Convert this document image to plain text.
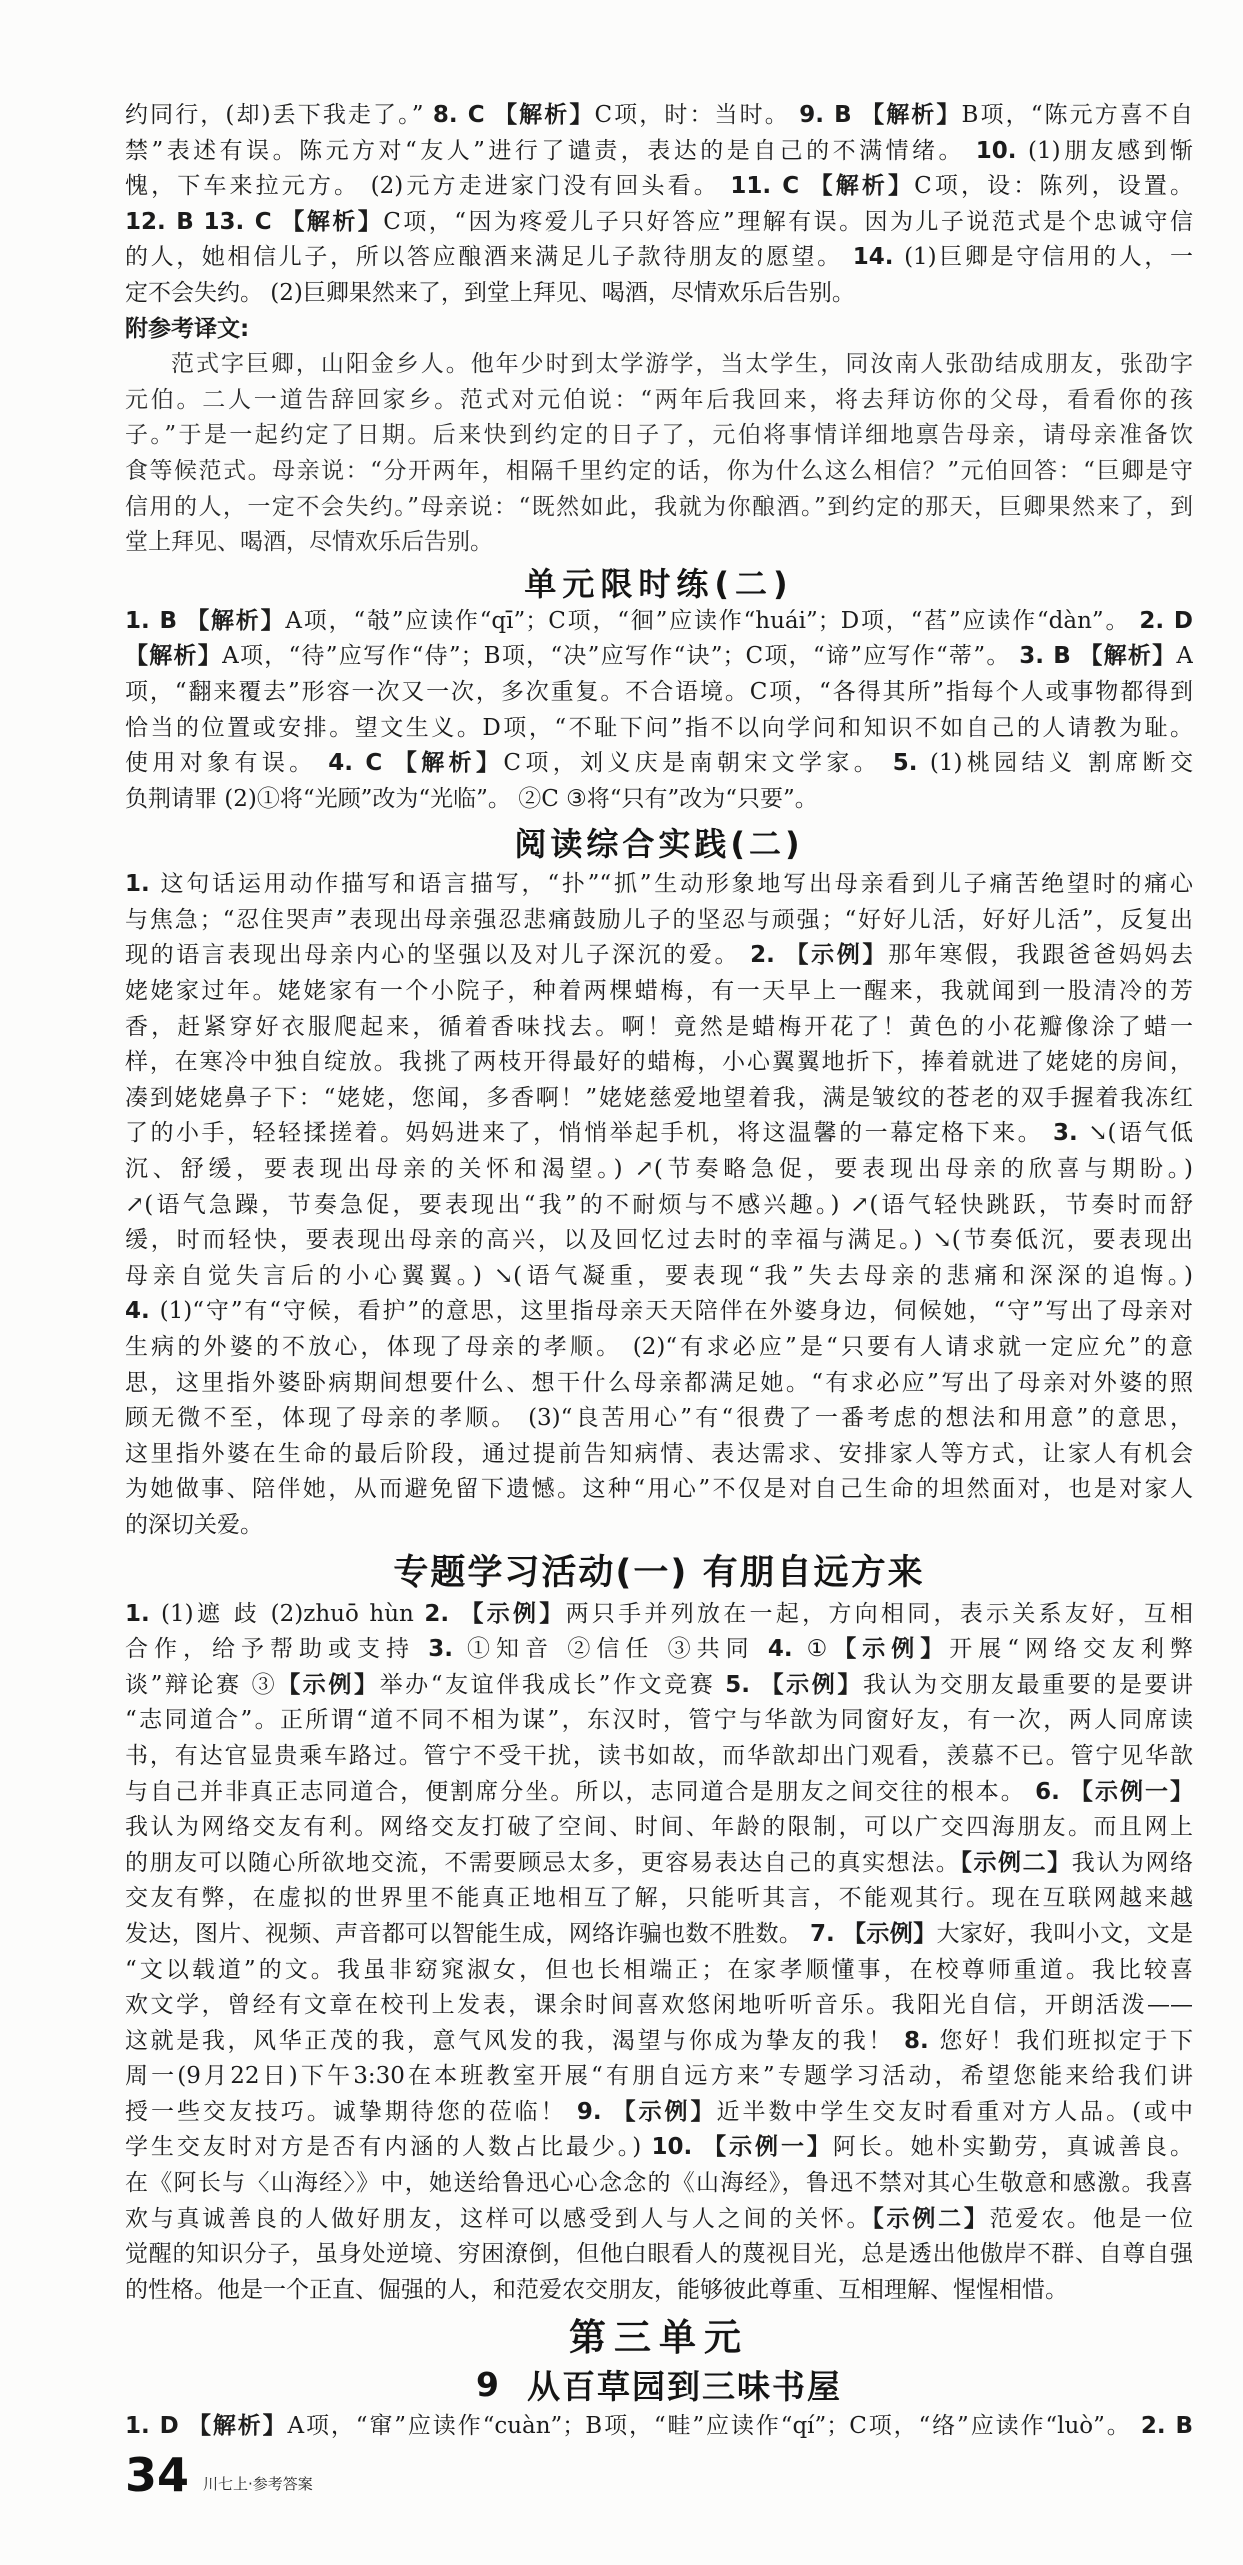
约同行，(却)丢下我走了。” 8. C 【解析】C项，时：当时。 9. B 【解析】B项，“陈元方喜不自
禁”表述有误。陈元方对“友人”进行了谴责，表达的是自己的不满情绪。 10. (1)朋友感到惭
愧，下车来拉元方。 (2)元方走进家门没有回头看。 11. C 【解析】C项，设：陈列，设置。
12. B 13. C 【解析】C项，“因为疼爱儿子只好答应”理解有误。因为儿子说范式是个忠诚守信
的人，她相信儿子，所以答应酿酒来满足儿子款待朋友的愿望。 14. (1)巨卿是守信用的人，一
定不会失约。 (2)巨卿果然来了，到堂上拜见、喝酒，尽情欢乐后告别。
附参考译文:
范式字巨卿，山阳金乡人。他年少时到太学游学，当太学生，同汝南人张劭结成朋友，张劭字
元伯。二人一道告辞回家乡。范式对元伯说：“两年后我回来，将去拜访你的父母，看看你的孩
子。”于是一起约定了日期。后来快到约定的日子了，元伯将事情详细地禀告母亲，请母亲准备饮
食等候范式。母亲说：“分开两年，相隔千里约定的话，你为什么这么相信？”元伯回答：“巨卿是守
信用的人，一定不会失约。”母亲说：“既然如此，我就为你酿酒。”到约定的那天，巨卿果然来了，到
堂上拜见、喝酒，尽情欢乐后告别。
单元限时练(二)
1. B 【解析】A项，“攲”应读作“qī”；C项，“徊”应读作“huái”；D项，“萏”应读作“dàn”。 2. D
【解析】A项，“待”应写作“侍”；B项，“决”应写作“诀”；C项，“谛”应写作“蒂”。 3. B 【解析】A
项，“翻来覆去”形容一次又一次，多次重复。不合语境。C项，“各得其所”指每个人或事物都得到
恰当的位置或安排。望文生义。D项，“不耻下问”指不以向学问和知识不如自己的人请教为耻。
使用对象有误。 4. C 【解析】C项，刘义庆是南朝宋文学家。 5. (1)桃园结义 割席断交
负荆请罪 (2)①将“光顾”改为“光临”。 ②C ③将“只有”改为“只要”。
阅读综合实践(二)
1. 这句话运用动作描写和语言描写，“扑”“抓”生动形象地写出母亲看到儿子痛苦绝望时的痛心
与焦急；“忍住哭声”表现出母亲强忍悲痛鼓励儿子的坚忍与顽强；“好好儿活，好好儿活”，反复出
现的语言表现出母亲内心的坚强以及对儿子深沉的爱。 2. 【示例】那年寒假，我跟爸爸妈妈去
姥姥家过年。姥姥家有一个小院子，种着两棵蜡梅，有一天早上一醒来，我就闻到一股清冷的芳
香，赶紧穿好衣服爬起来，循着香味找去。啊！竟然是蜡梅开花了！黄色的小花瓣像涂了蜡一
样，在寒冷中独自绽放。我挑了两枝开得最好的蜡梅，小心翼翼地折下，捧着就进了姥姥的房间，
凑到姥姥鼻子下：“姥姥，您闻，多香啊！”姥姥慈爱地望着我，满是皱纹的苍老的双手握着我冻红
了的小手，轻轻揉搓着。妈妈进来了，悄悄举起手机，将这温馨的一幕定格下来。 3. ↘(语气低
沉、舒缓，要表现出母亲的关怀和渴望。) ↗(节奏略急促，要表现出母亲的欣喜与期盼。)
↗(语气急躁，节奏急促，要表现出“我”的不耐烦与不感兴趣。) ↗(语气轻快跳跃，节奏时而舒
缓，时而轻快，要表现出母亲的高兴，以及回忆过去时的幸福与满足。) ↘(节奏低沉，要表现出
母亲自觉失言后的小心翼翼。) ↘(语气凝重，要表现“我”失去母亲的悲痛和深深的追悔。)
4. (1)“守”有“守候，看护”的意思，这里指母亲天天陪伴在外婆身边，伺候她，“守”写出了母亲对
生病的外婆的不放心，体现了母亲的孝顺。 (2)“有求必应”是“只要有人请求就一定应允”的意
思，这里指外婆卧病期间想要什么、想干什么母亲都满足她。“有求必应”写出了母亲对外婆的照
顾无微不至，体现了母亲的孝顺。 (3)“良苦用心”有“很费了一番考虑的想法和用意”的意思，
这里指外婆在生命的最后阶段，通过提前告知病情、表达需求、安排家人等方式，让家人有机会
为她做事、陪伴她，从而避免留下遗憾。这种“用心”不仅是对自己生命的坦然面对，也是对家人
的深切关爱。
专题学习活动(一) 有朋自远方来
1. (1)遮 歧 (2)zhuō hùn 2. 【示例】两只手并列放在一起，方向相同，表示关系友好，互相
合作，给予帮助或支持 3. ①知音 ②信任 ③共同 4. ①【示例】开展“网络交友利弊
谈”辩论赛 ③【示例】举办“友谊伴我成长”作文竞赛 5. 【示例】我认为交朋友最重要的是要讲
“志同道合”。正所谓“道不同不相为谋”，东汉时，管宁与华歆为同窗好友，有一次，两人同席读
书，有达官显贵乘车路过。管宁不受干扰，读书如故，而华歆却出门观看，羡慕不已。管宁见华歆
与自己并非真正志同道合，便割席分坐。所以，志同道合是朋友之间交往的根本。 6. 【示例一】
我认为网络交友有利。网络交友打破了空间、时间、年龄的限制，可以广交四海朋友。而且网上
的朋友可以随心所欲地交流，不需要顾忌太多，更容易表达自己的真实想法。【示例二】我认为网络
交友有弊，在虚拟的世界里不能真正地相互了解，只能听其言，不能观其行。现在互联网越来越
发达，图片、视频、声音都可以智能生成，网络诈骗也数不胜数。 7. 【示例】大家好，我叫小文，文是
“文以载道”的文。我虽非窈窕淑女，但也长相端正；在家孝顺懂事，在校尊师重道。我比较喜
欢文学，曾经有文章在校刊上发表，课余时间喜欢悠闲地听听音乐。我阳光自信，开朗活泼——
这就是我，风华正茂的我，意气风发的我，渴望与你成为挚友的我！ 8. 您好！我们班拟定于下
周一(9月22日)下午3:30在本班教室开展“有朋自远方来”专题学习活动，希望您能来给我们讲
授一些交友技巧。诚挚期待您的莅临！ 9. 【示例】近半数中学生交友时看重对方人品。(或中
学生交友时对方是否有内涵的人数占比最少。) 10. 【示例一】阿长。她朴实勤劳，真诚善良。
在《阿长与〈山海经〉》中，她送给鲁迅心心念念的《山海经》，鲁迅不禁对其心生敬意和感激。我喜
欢与真诚善良的人做好朋友，这样可以感受到人与人之间的关怀。【示例二】范爱农。他是一位
觉醒的知识分子，虽身处逆境、穷困潦倒，但他白眼看人的蔑视目光，总是透出他傲岸不群、自尊自强
的性格。他是一个正直、倔强的人，和范爱农交朋友，能够彼此尊重、互相理解、惺惺相惜。
第三单元
9 从百草园到三味书屋
1. D 【解析】A项，“窜”应读作“cuàn”；B项，“畦”应读作“qí”；C项，“络”应读作“luò”。 2. B
34 川七上·参考答案
